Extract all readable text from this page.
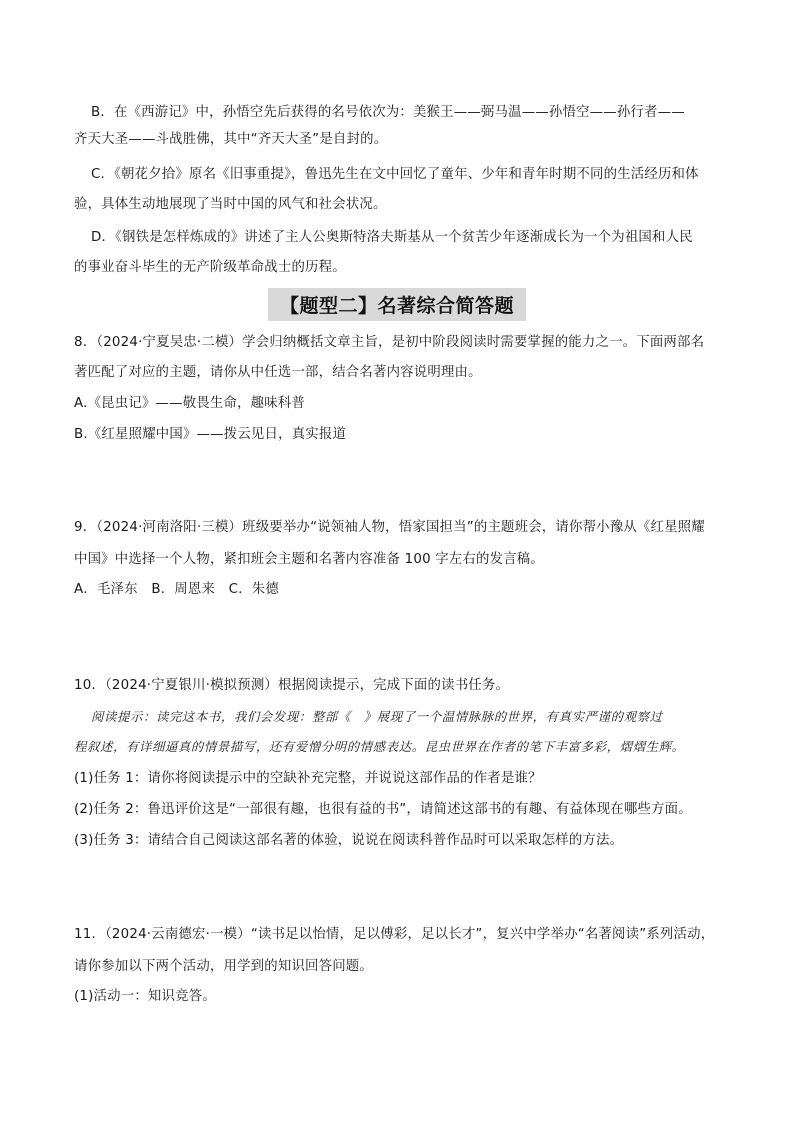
B．在《西游记》中，孙悟空先后获得的名号依次为：美猴王——弼马温——孙悟空——孙行者——
齐天大圣——斗战胜佛，其中“齐天大圣”是自封的。
C．《朝花夕拾》原名《旧事重提》，鲁迅先生在文中回忆了童年、少年和青年时期不同的生活经历和体
验，具体生动地展现了当时中国的风气和社会状况。
D．《钢铁是怎样炼成的》讲述了主人公奥斯特洛夫斯基从一个贫苦少年逐渐成长为一个为祖国和人民
的事业奋斗毕生的无产阶级革命战士的历程。
【题型二】名著综合简答题
8．（2024·宁夏吴忠·二模）学会归纳概括文章主旨，是初中阶段阅读时需要掌握的能力之一。下面两部名
著匹配了对应的主题，请你从中任选一部，结合名著内容说明理由。
A.《昆虫记》——敬畏生命，趣味科普
B.《红星照耀中国》——拨云见日，真实报道
9．（2024·河南洛阳·三模）班级要举办“说领袖人物，悟家国担当”的主题班会，请你帮小豫从《红星照耀
中国》中选择一个人物，紧扣班会主题和名著内容准备 100 字左右的发言稿。
A．毛泽东　B．周恩来　C．朱德
10．（2024·宁夏银川·模拟预测）根据阅读提示，完成下面的读书任务。
阅读提示：读完这本书，我们会发现：整部《　》展现了一个温情脉脉的世界，有真实严谨的观察过
程叙述，有详细逼真的情景描写，还有爱憎分明的情感表达。昆虫世界在作者的笔下丰富多彩，熠熠生辉。
(1)任务 1：请你将阅读提示中的空缺补充完整，并说说这部作品的作者是谁？
(2)任务 2：鲁迅评价这是“一部很有趣，也很有益的书”，请简述这部书的有趣、有益体现在哪些方面。
(3)任务 3：请结合自己阅读这部名著的体验，说说在阅读科普作品时可以采取怎样的方法。
11．（2024·云南德宏·一模）“读书足以怡情，足以傅彩，足以长才”，复兴中学举办“名著阅读”系列活动，
请你参加以下两个活动，用学到的知识回答问题。
(1)活动一：知识竞答。
